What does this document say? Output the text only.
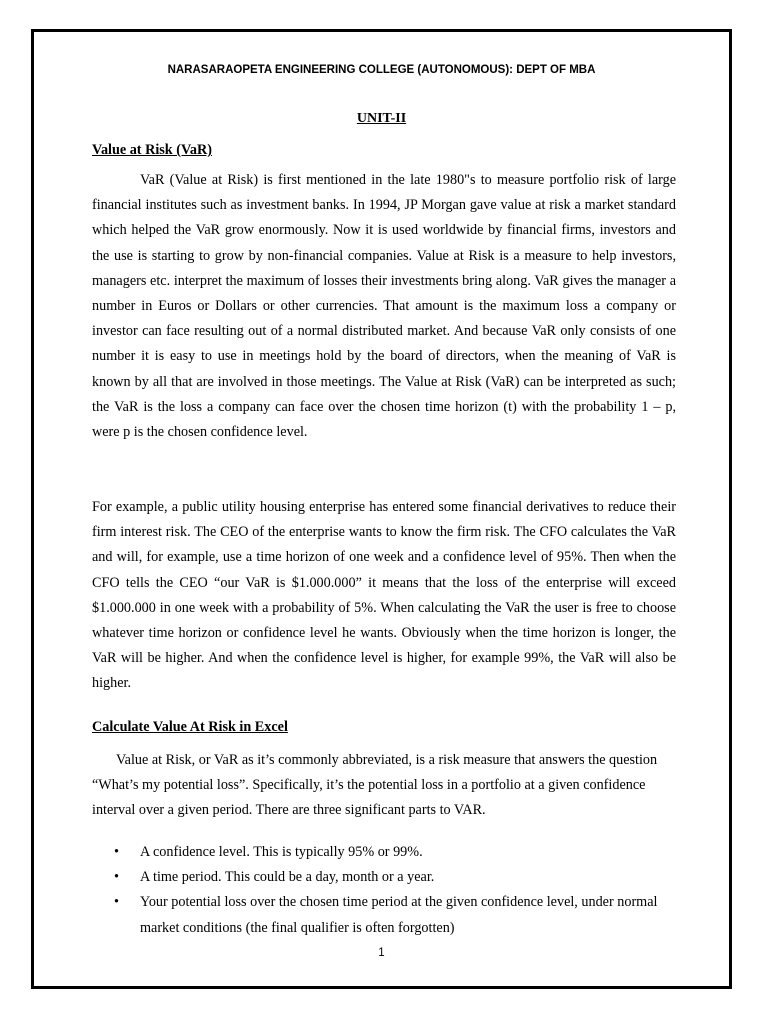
NARASARAOPETA ENGINEERING COLLEGE (AUTONOMOUS): DEPT OF MBA
UNIT-II
Value at Risk (VaR)
VaR (Value at Risk) is first mentioned in the late 1980"s to measure portfolio risk of large financial institutes such as investment banks. In 1994, JP Morgan gave value at risk a market standard which helped the VaR grow enormously. Now it is used worldwide by financial firms, investors and the use is starting to grow by non-financial companies. Value at Risk is a measure to help investors, managers etc. interpret the maximum of losses their investments bring along. VaR gives the manager a number in Euros or Dollars or other currencies. That amount is the maximum loss a company or investor can face resulting out of a normal distributed market. And because VaR only consists of one number it is easy to use in meetings hold by the board of directors, when the meaning of VaR is known by all that are involved in those meetings. The Value at Risk (VaR) can be interpreted as such; the VaR is the loss a company can face over the chosen time horizon (t) with the probability 1 – p, were p is the chosen confidence level.
For example, a public utility housing enterprise has entered some financial derivatives to reduce their firm interest risk. The CEO of the enterprise wants to know the firm risk. The CFO calculates the VaR and will, for example, use a time horizon of one week and a confidence level of 95%. Then when the CFO tells the CEO “our VaR is $1.000.000” it means that the loss of the enterprise will exceed $1.000.000 in one week with a probability of 5%. When calculating the VaR the user is free to choose whatever time horizon or confidence level he wants. Obviously when the time horizon is longer, the VaR will be higher. And when the confidence level is higher, for example 99%, the VaR will also be higher.
Calculate Value At Risk in Excel
Value at Risk, or VaR as it’s commonly abbreviated, is a risk measure that answers the question “What’s my potential loss”. Specifically, it’s the potential loss in a portfolio at a given confidence interval over a given period. There are three significant parts to VAR.
• A confidence level. This is typically 95% or 99%.
• A time period. This could be a day, month or a year.
• Your potential loss over the chosen time period at the given confidence level, under normal market conditions (the final qualifier is often forgotten)
1
